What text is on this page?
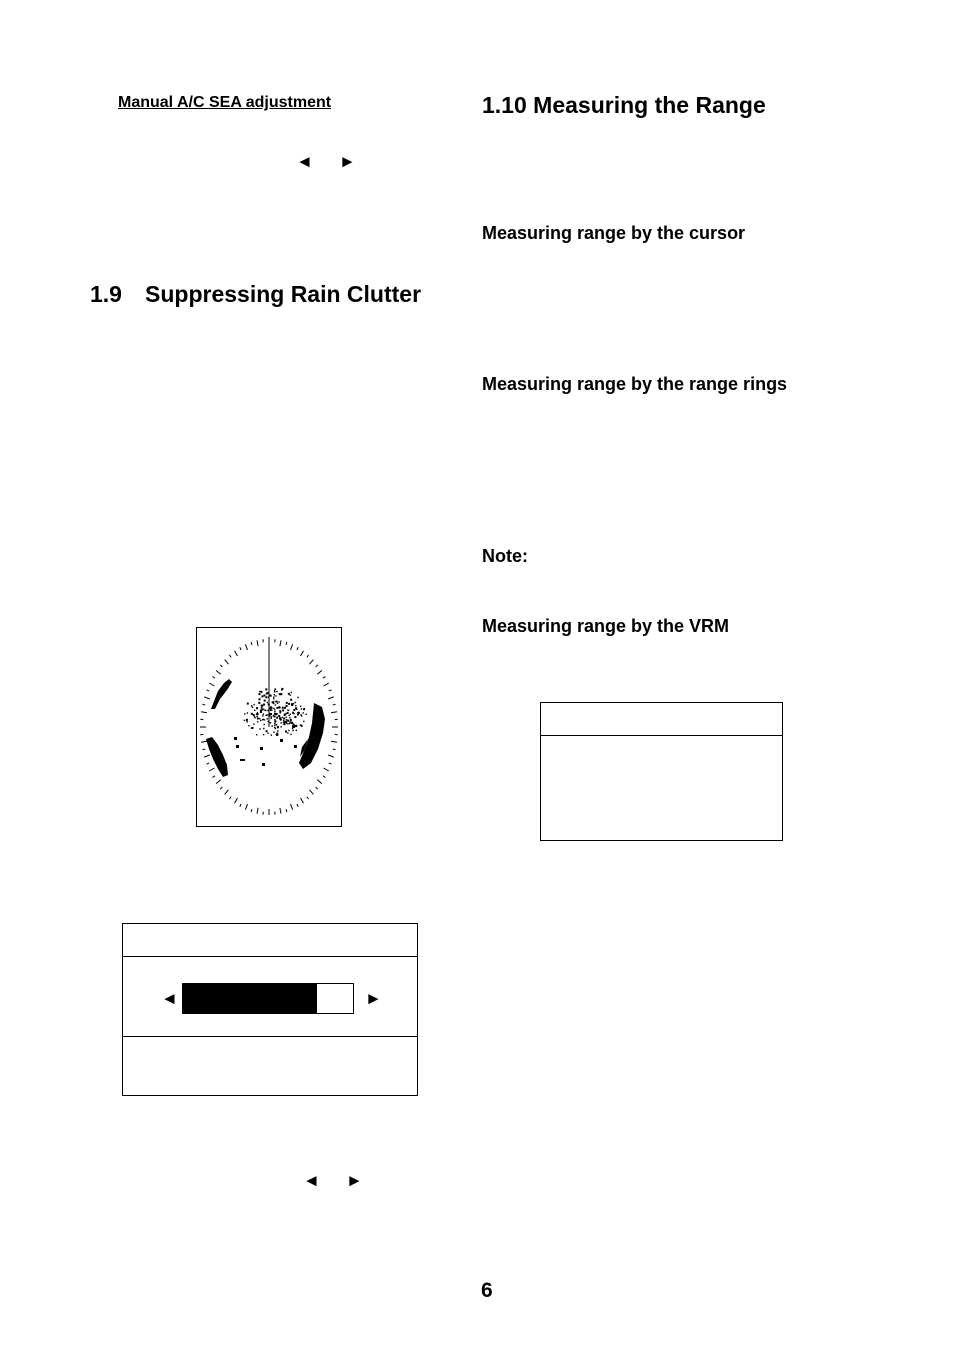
Manual A/C SEA adjustment
◄ ►
1.9 Suppressing Rain Clutter
◄	►
◄ ►
1.10 Measuring the Range
Measuring range by the cursor
Measuring range by the range rings
Note:
Measuring range by the VRM
6
